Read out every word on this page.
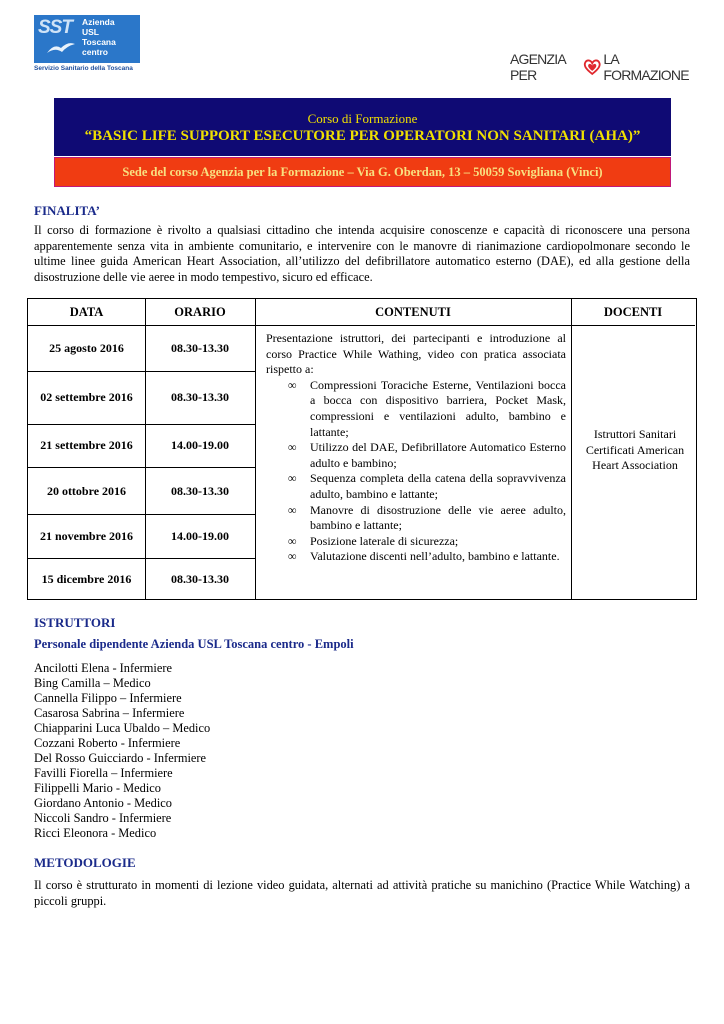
SST Azienda
USL
Toscana
centro
Servizio Sanitario della Toscana
AGENZIA PER
LA FORMAZIONE
Corso di Formazione
“BASIC LIFE SUPPORT ESECUTORE PER OPERATORI NON SANITARI (AHA)”
Sede del corso Agenzia per la Formazione – Via G. Oberdan, 13 – 50059 Sovigliana (Vinci)
FINALITA’
Il corso di formazione è rivolto a qualsiasi cittadino che intenda acquisire conoscenze e capacità di riconoscere una persona apparentemente senza vita in ambiente comunitario, e intervenire con le manovre di rianimazione cardiopolmonare secondo le ultime linee guida American Heart Association, all’utilizzo del defibrillatore automatico esterno (DAE), ed alla gestione della disostruzione delle vie aeree in modo tempestivo, sicuro ed efficace.
DATA	ORARIO	CONTENUTI	DOCENTI
25 agosto 2016	08.30-13.30
02 settembre 2016	08.30-13.30
21 settembre 2016	14.00-19.00
20 ottobre 2016	08.30-13.30
21 novembre 2016	14.00-19.00
15 dicembre 2016	08.30-13.30
Presentazione istruttori, dei partecipanti e introduzione al corso Practice While Wathing, video con pratica associata rispetto a:
∞ Compressioni Toraciche Esterne, Ventilazioni bocca a bocca con dispositivo barriera, Pocket Mask, compressioni e ventilazioni adulto, bambino e lattante;
∞ Utilizzo del DAE, Defibrillatore Automatico Esterno adulto e bambino;
∞ Sequenza completa della catena della sopravvivenza adulto, bambino e lattante;
∞ Manovre di disostruzione delle vie aeree adulto, bambino e lattante;
∞ Posizione laterale di sicurezza;
∞ Valutazione discenti nell’adulto, bambino e lattante.
Istruttori Sanitari Certificati American Heart Association
ISTRUTTORI
Personale dipendente Azienda USL Toscana centro - Empoli
Ancilotti Elena - Infermiere
Bing Camilla – Medico
Cannella Filippo – Infermiere
Casarosa Sabrina – Infermiere
Chiapparini Luca Ubaldo – Medico
Cozzani Roberto - Infermiere
Del Rosso Guicciardo - Infermiere
Favilli Fiorella – Infermiere
Filippelli Mario - Medico
Giordano Antonio - Medico
Niccoli Sandro - Infermiere
Ricci Eleonora - Medico
METODOLOGIE
Il corso è strutturato in momenti di lezione video guidata, alternati ad attività pratiche su manichino (Practice While Watching) a piccoli gruppi.
